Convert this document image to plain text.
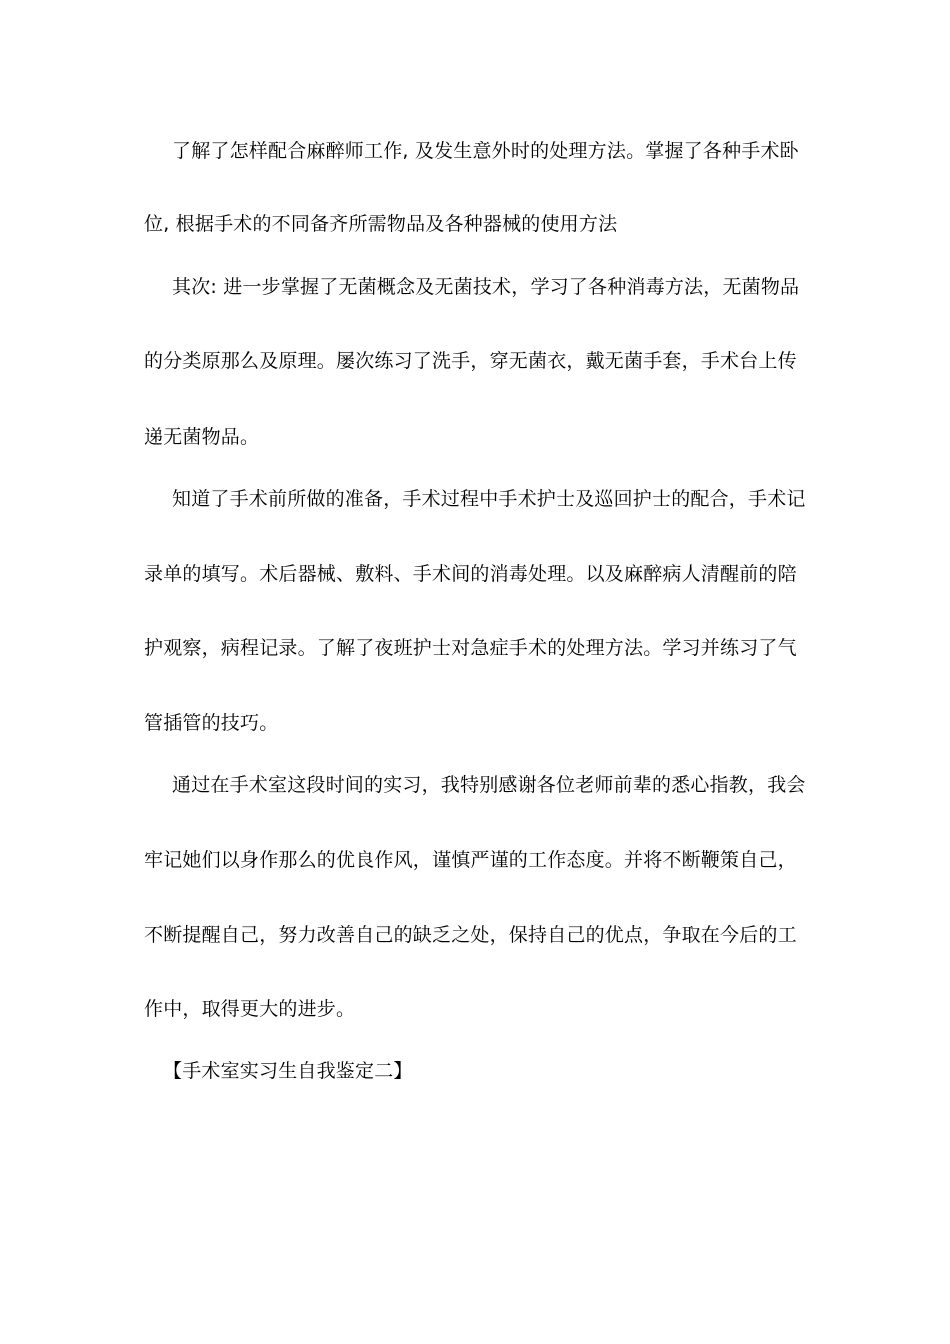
了解了怎样配合麻醉师工作, 及发生意外时的处理方法。掌握了各种手术卧
位, 根据手术的不同备齐所需物品及各种器械的使用方法
其次: 进一步掌握了无菌概念及无菌技术，学习了各种消毒方法，无菌物品
的分类原那么及原理。屡次练习了洗手，穿无菌衣，戴无菌手套，手术台上传
递无菌物品。
知道了手术前所做的准备，手术过程中手术护士及巡回护士的配合，手术记
录单的填写。术后器械、敷料、手术间的消毒处理。以及麻醉病人清醒前的陪
护观察，病程记录。了解了夜班护士对急症手术的处理方法。学习并练习了气
管插管的技巧。
通过在手术室这段时间的实习，我特别感谢各位老师前辈的悉心指教，我会
牢记她们以身作那么的优良作风，谨慎严谨的工作态度。并将不断鞭策自己，
不断提醒自己，努力改善自己的缺乏之处，保持自己的优点，争取在今后的工
作中，取得更大的进步。
【手术室实习生自我鉴定二】
